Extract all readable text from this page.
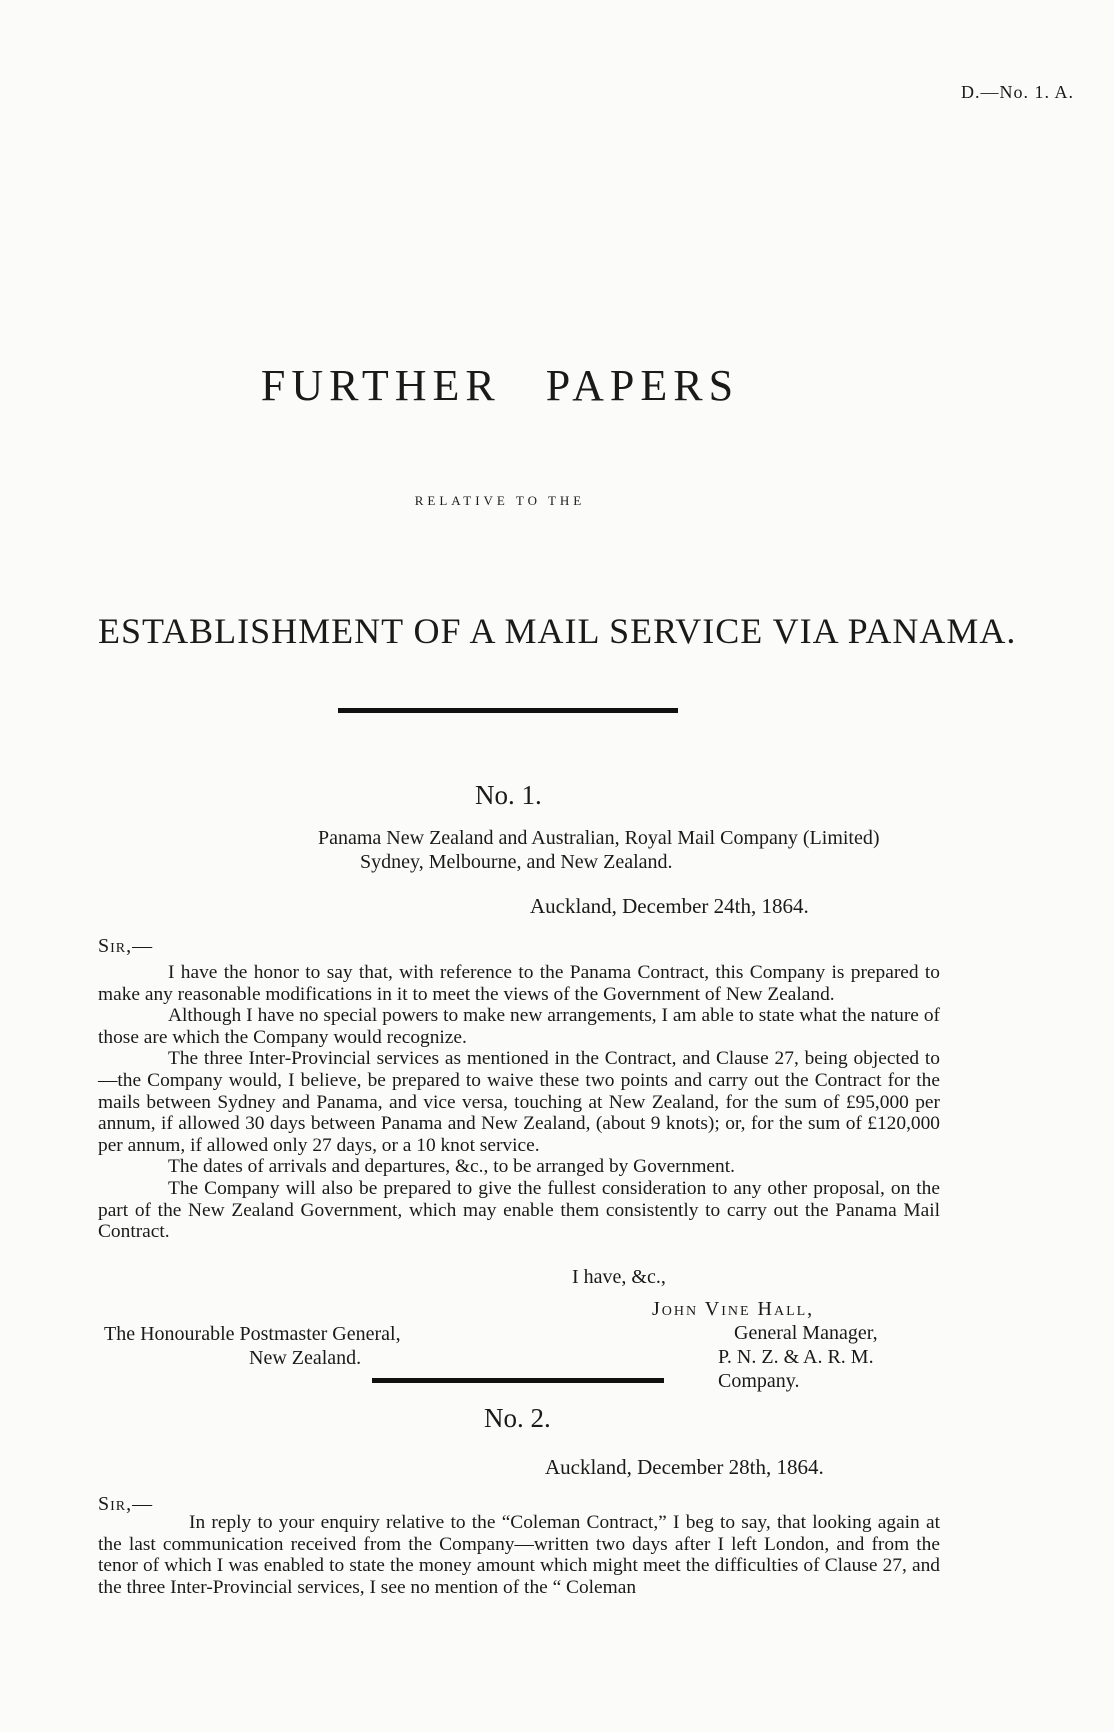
D.—No. 1. A.
FURTHER PAPERS
RELATIVE TO THE
ESTABLISHMENT OF A MAIL SERVICE VIA PANAMA.
No. 1.
Panama New Zealand and Australian, Royal Mail Company (Limited)
Sydney, Melbourne, and New Zealand.
Auckland, December 24th, 1864.
Sir,—

I have the honor to say that, with reference to the Panama Contract, this Company is prepared to make any reasonable modifications in it to meet the views of the Government of New Zealand.

Although I have no special powers to make new arrangements, I am able to state what the nature of those are which the Company would recognize.

The three Inter-Provincial services as mentioned in the Contract, and Clause 27, being objected to—the Company would, I believe, be prepared to waive these two points and carry out the Contract for the mails between Sydney and Panama, and vice versa, touching at New Zealand, for the sum of £95,000 per annum, if allowed 30 days between Panama and New Zealand, (about 9 knots); or, for the sum of £120,000 per annum, if allowed only 27 days, or a 10 knot service.

The dates of arrivals and departures, &c., to be arranged by Government.

The Company will also be prepared to give the fullest consideration to any other proposal, on the part of the New Zealand Government, which may enable them consistently to carry out the Panama Mail Contract.

I have, &c.,
John Vine Hall,
General Manager,
P. N. Z. & A. R. M. Company.
The Honourable Postmaster General,
New Zealand.
No. 2.
Auckland, December 28th, 1864.
Sir,—

In reply to your enquiry relative to the “Coleman Contract,” I beg to say, that looking again at the last communication received from the Company—written two days after I left London, and from the tenor of which I was enabled to state the money amount which might meet the difficulties of Clause 27, and the three Inter-Provincial services, I see no mention of the “ Coleman
